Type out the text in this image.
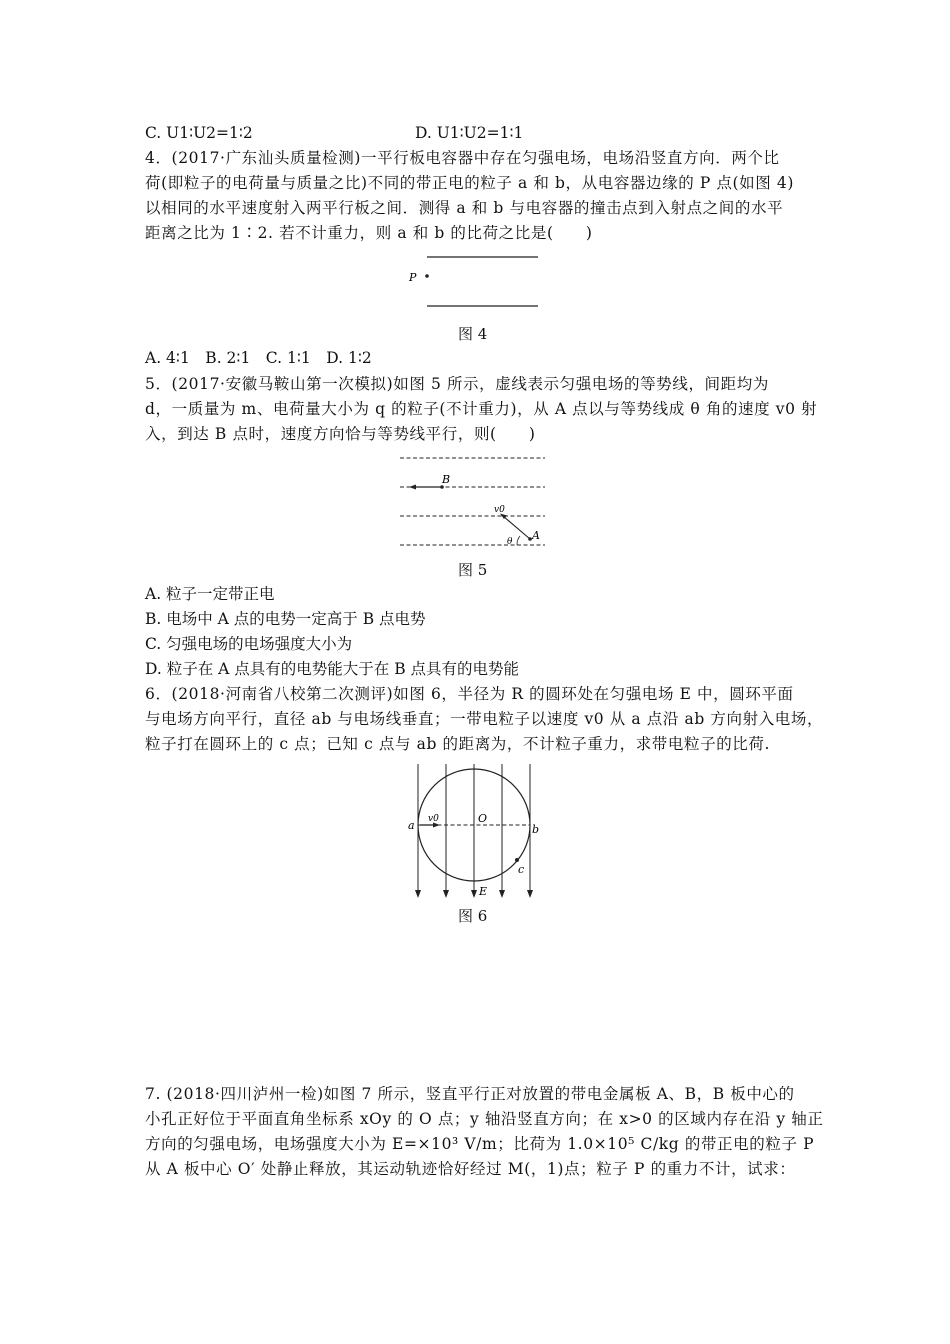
C. U1∶U2=1∶2	D. U1∶U2=1∶1
4．(2017·广东汕头质量检测)一平行板电容器中存在匀强电场，电场沿竖直方向．两个比
荷(即粒子的电荷量与质量之比)不同的带正电的粒子 a 和 b，从电容器边缘的 P 点(如图 4)
以相同的水平速度射入两平行板之间．测得 a 和 b 与电容器的撞击点到入射点之间的水平
距离之比为 1∶2. 若不计重力，则 a 和 b 的比荷之比是(　　)
P
图 4
A. 4∶1　B. 2∶1　C. 1∶1　D. 1∶2
5．(2017·安徽马鞍山第一次模拟)如图 5 所示，虚线表示匀强电场的等势线，间距均为
d，一质量为 m、电荷量大小为 q 的粒子(不计重力)，从 A 点以与等势线成 θ 角的速度 v0 射
入，到达 B 点时，速度方向恰与等势线平行，则(　　)
B
A
v0
θ
图 5
A. 粒子一定带正电
B. 电场中 A 点的电势一定高于 B 点电势
C. 匀强电场的电场强度大小为
D. 粒子在 A 点具有的电势能大于在 B 点具有的电势能
6．(2018·河南省八校第二次测评)如图 6，半径为 R 的圆环处在匀强电场 E 中，圆环平面
与电场方向平行，直径 ab 与电场线垂直；一带电粒子以速度 v0 从 a 点沿 ab 方向射入电场，
粒子打在圆环上的 c 点；已知 c 点与 ab 的距离为，不计粒子重力，求带电粒子的比荷.
a	b
O
c
E
v0
图 6
7. (2018·四川泸州一检)如图 7 所示，竖直平行正对放置的带电金属板 A、B，B 板中心的
小孔正好位于平面直角坐标系 xOy 的 O 点；y 轴沿竖直方向；在 x>0 的区域内存在沿 y 轴正
方向的匀强电场，电场强度大小为 E=×10³ V/m；比荷为 1.0×10⁵ C/kg 的带正电的粒子 P
从 A 板中心 O′ 处静止释放，其运动轨迹恰好经过 M(，1)点；粒子 P 的重力不计，试求：
